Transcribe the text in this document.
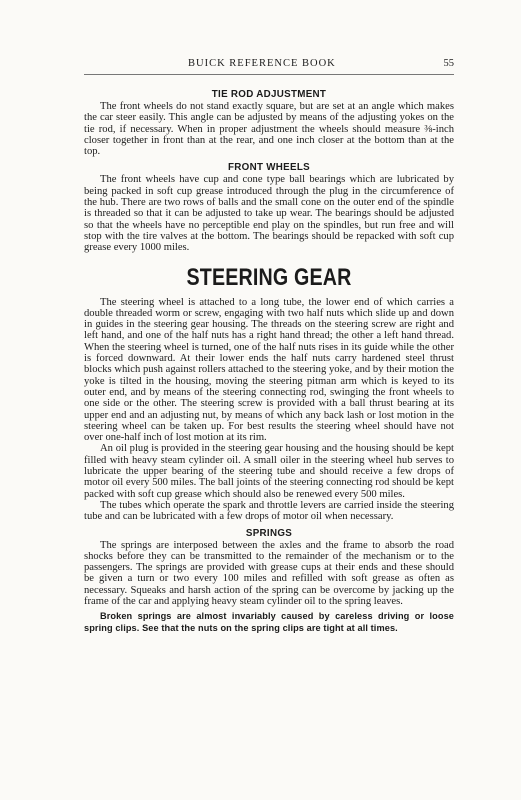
BUICK REFERENCE BOOK	55
TIE ROD ADJUSTMENT

The front wheels do not stand exactly square, but are set at an angle which makes the car steer easily. This angle can be adjusted by means of the adjusting yokes on the tie rod, if necessary. When in proper adjustment the wheels should measure ⅜-inch closer together in front than at the rear, and one inch closer at the bottom than at the top.

FRONT WHEELS

The front wheels have cup and cone type ball bearings which are lubricated by being packed in soft cup grease introduced through the plug in the circumference of the hub. There are two rows of balls and the small cone on the outer end of the spindle is threaded so that it can be adjusted to take up wear. The bearings should be adjusted so that the wheels have no perceptible end play on the spindles, but run free and will stop with the tire valves at the bottom. The bearings should be repacked with soft cup grease every 1000 miles.

STEERING GEAR

The steering wheel is attached to a long tube, the lower end of which carries a double threaded worm or screw, engaging with two half nuts which slide up and down in guides in the steering gear housing. The threads on the steering screw are right and left hand, and one of the half nuts has a right hand thread; the other a left hand thread. When the steering wheel is turned, one of the half nuts rises in its guide while the other is forced downward. At their lower ends the half nuts carry hardened steel thrust blocks which push against rollers attached to the steering yoke, and by their motion the yoke is tilted in the housing, moving the steering pitman arm which is keyed to its outer end, and by means of the steering connecting rod, swinging the front wheels to one side or the other. The steering screw is provided with a ball thrust bearing at its upper end and an adjusting nut, by means of which any back lash or lost motion in the steering wheel can be taken up. For best results the steering wheel should have not over one-half inch of lost motion at its rim.

An oil plug is provided in the steering gear housing and the housing should be kept filled with heavy steam cylinder oil. A small oiler in the steering wheel hub serves to lubricate the upper bearing of the steering tube and should receive a few drops of motor oil every 500 miles. The ball joints of the steering connecting rod should be kept packed with soft cup grease which should also be renewed every 500 miles.

The tubes which operate the spark and throttle levers are carried inside the steering tube and can be lubricated with a few drops of motor oil when necessary.

SPRINGS

The springs are interposed between the axles and the frame to absorb the road shocks before they can be transmitted to the remainder of the mechanism or to the passengers. The springs are provided with grease cups at their ends and these should be given a turn or two every 100 miles and refilled with soft grease as often as necessary. Squeaks and harsh action of the spring can be overcome by jacking up the frame of the car and applying heavy steam cylinder oil to the spring leaves.

Broken springs are almost invariably caused by careless driving or loose spring clips. See that the nuts on the spring clips are tight at all times.
